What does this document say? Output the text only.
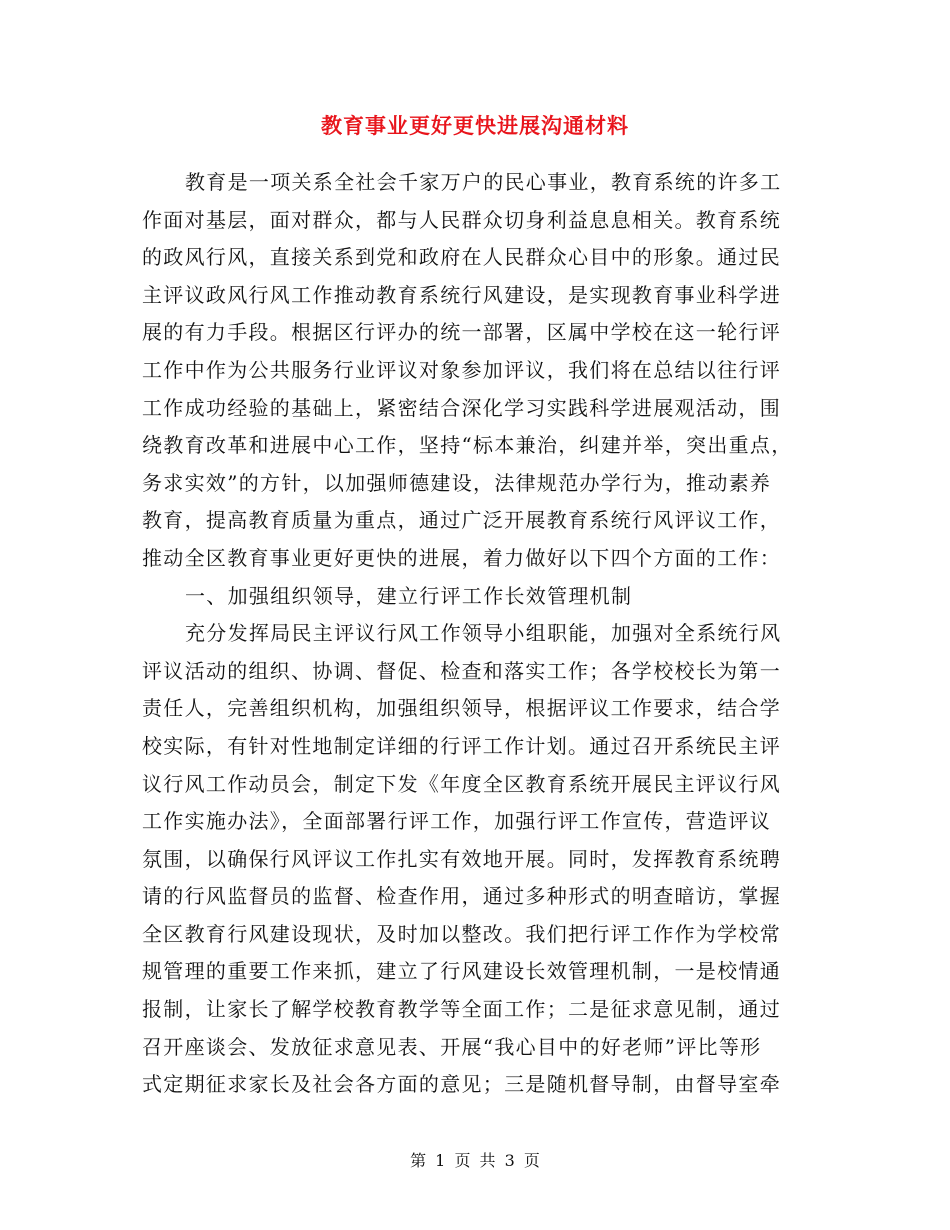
教育事业更好更快进展沟通材料
教育是一项关系全社会千家万户的民心事业，教育系统的许多工
作面对基层，面对群众，都与人民群众切身利益息息相关。教育系统
的政风行风，直接关系到党和政府在人民群众心目中的形象。通过民
主评议政风行风工作推动教育系统行风建设，是实现教育事业科学进
展的有力手段。根据区行评办的统一部署，区属中学校在这一轮行评
工作中作为公共服务行业评议对象参加评议，我们将在总结以往行评
工作成功经验的基础上，紧密结合深化学习实践科学进展观活动，围
绕教育改革和进展中心工作，坚持“标本兼治，纠建并举，突出重点，
务求实效”的方针，以加强师德建设，法律规范办学行为，推动素养
教育，提高教育质量为重点，通过广泛开展教育系统行风评议工作，
推动全区教育事业更好更快的进展，着力做好以下四个方面的工作：
一、加强组织领导，建立行评工作长效管理机制
充分发挥局民主评议行风工作领导小组职能，加强对全系统行风
评议活动的组织、协调、督促、检查和落实工作；各学校校长为第一
责任人，完善组织机构，加强组织领导，根据评议工作要求，结合学
校实际，有针对性地制定详细的行评工作计划。通过召开系统民主评
议行风工作动员会，制定下发《年度全区教育系统开展民主评议行风
工作实施办法》，全面部署行评工作，加强行评工作宣传，营造评议
氛围，以确保行风评议工作扎实有效地开展。同时，发挥教育系统聘
请的行风监督员的监督、检查作用，通过多种形式的明查暗访，掌握
全区教育行风建设现状，及时加以整改。我们把行评工作作为学校常
规管理的重要工作来抓，建立了行风建设长效管理机制，一是校情通
报制，让家长了解学校教育教学等全面工作；二是征求意见制，通过
召开座谈会、发放征求意见表、开展“我心目中的好老师”评比等形
式定期征求家长及社会各方面的意见；三是随机督导制，由督导室牵
第 1 页 共 3 页
